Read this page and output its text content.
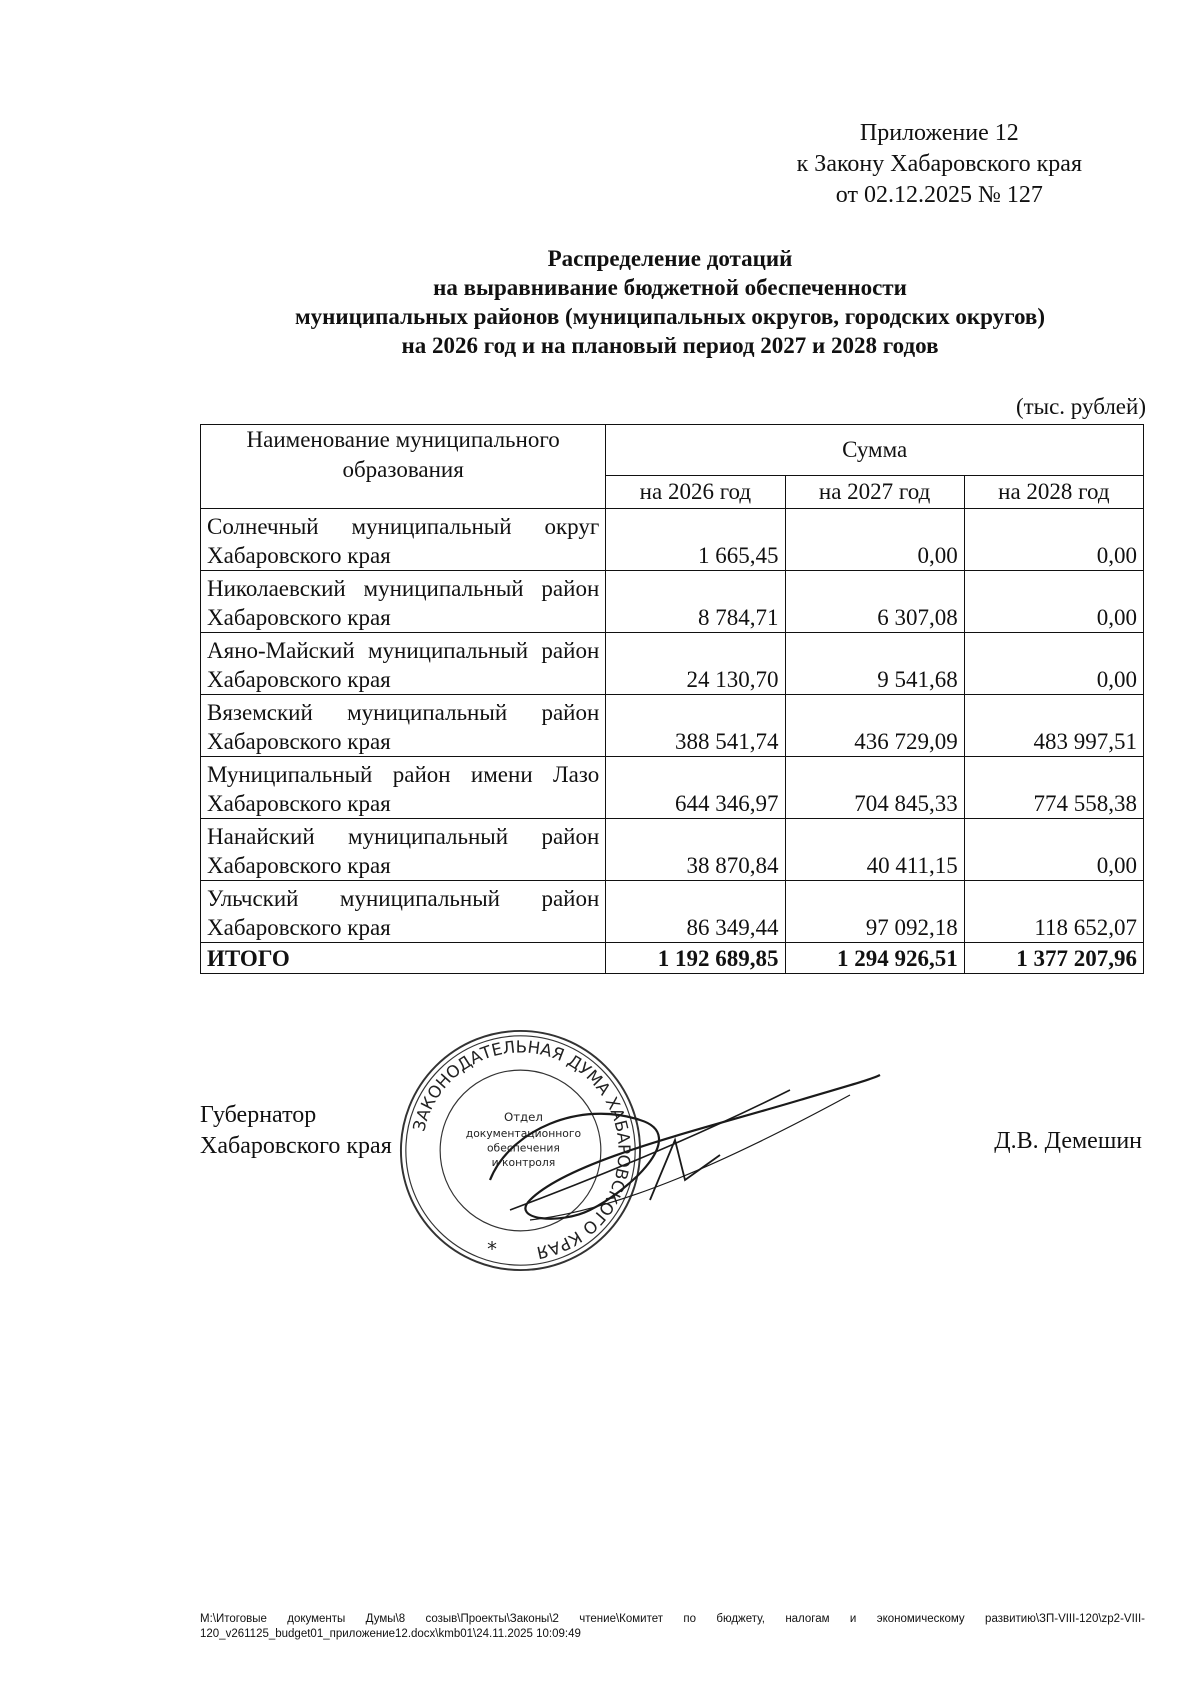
Приложение 12
к Закону Хабаровского края
от 02.12.2025 № 127
Распределение дотаций
на выравнивание бюджетной обеспеченности
муниципальных районов (муниципальных округов, городских округов)
на 2026 год и на плановый период 2027 и 2028 годов
(тыс. рублей)
Наименование муниципального образования	Сумма		
	на 2026 год	на 2027 год	на 2028 год
Солнечный муниципальный округ Хабаровского края	1 665,45	0,00	0,00
Николаевский муниципальный район Хабаровского края	8 784,71	6 307,08	0,00
Аяно-Майский муниципальный район Хабаровского края	24 130,70	9 541,68	0,00
Вяземский муниципальный район Хабаровского края	388 541,74	436 729,09	483 997,51
Муниципальный район имени Лазо Хабаровского края	644 346,97	704 845,33	774 558,38
Нанайский муниципальный район Хабаровского края	38 870,84	40 411,15	0,00
Ульчский муниципальный район Хабаровского края	86 349,44	97 092,18	118 652,07
ИТОГО	1 192 689,85	1 294 926,51	1 377 207,96
Губернатор
Хабаровского края
ЗАКОНОДАТЕЛЬНАЯ ДУМА ХАБАРОВСКОГО КРАЯ
Отдел
документационного
обеспечения
и контроля
*
Д.В. Демешин
M:\Итоговые документы Думы\8 созыв\Проекты\Законы\2 чтение\Комитет по бюджету, налогам и экономическому развитию\ЗП-VIII-120\zp2-VIII-120_v261125_budget01_приложение12.docx\kmb01\24.11.2025 10:09:49
